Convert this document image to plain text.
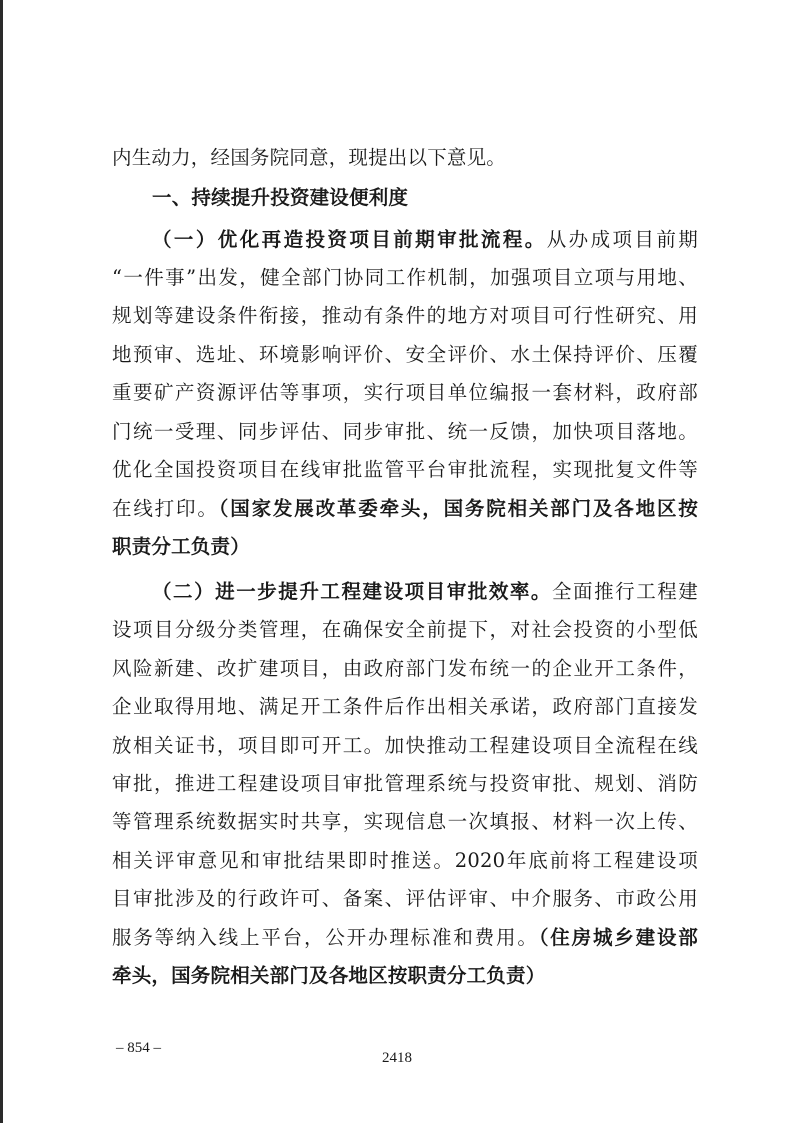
内生动力，经国务院同意，现提出以下意见。
一、持续提升投资建设便利度
（一）优化再造投资项目前期审批流程。从办成项目前期
“一件事”出发，健全部门协同工作机制，加强项目立项与用地、
规划等建设条件衔接，推动有条件的地方对项目可行性研究、用
地预审、选址、环境影响评价、安全评价、水土保持评价、压覆
重要矿产资源评估等事项，实行项目单位编报一套材料，政府部
门统一受理、同步评估、同步审批、统一反馈，加快项目落地。
优化全国投资项目在线审批监管平台审批流程，实现批复文件等
在线打印。（国家发展改革委牵头，国务院相关部门及各地区按
职责分工负责）
（二）进一步提升工程建设项目审批效率。全面推行工程建
设项目分级分类管理，在确保安全前提下，对社会投资的小型低
风险新建、改扩建项目，由政府部门发布统一的企业开工条件，
企业取得用地、满足开工条件后作出相关承诺，政府部门直接发
放相关证书，项目即可开工。加快推动工程建设项目全流程在线
审批，推进工程建设项目审批管理系统与投资审批、规划、消防
等管理系统数据实时共享，实现信息一次填报、材料一次上传、
相关评审意见和审批结果即时推送。2020年底前将工程建设项
目审批涉及的行政许可、备案、评估评审、中介服务、市政公用
服务等纳入线上平台，公开办理标准和费用。（住房城乡建设部
牵头，国务院相关部门及各地区按职责分工负责）
– 854 –
2418
